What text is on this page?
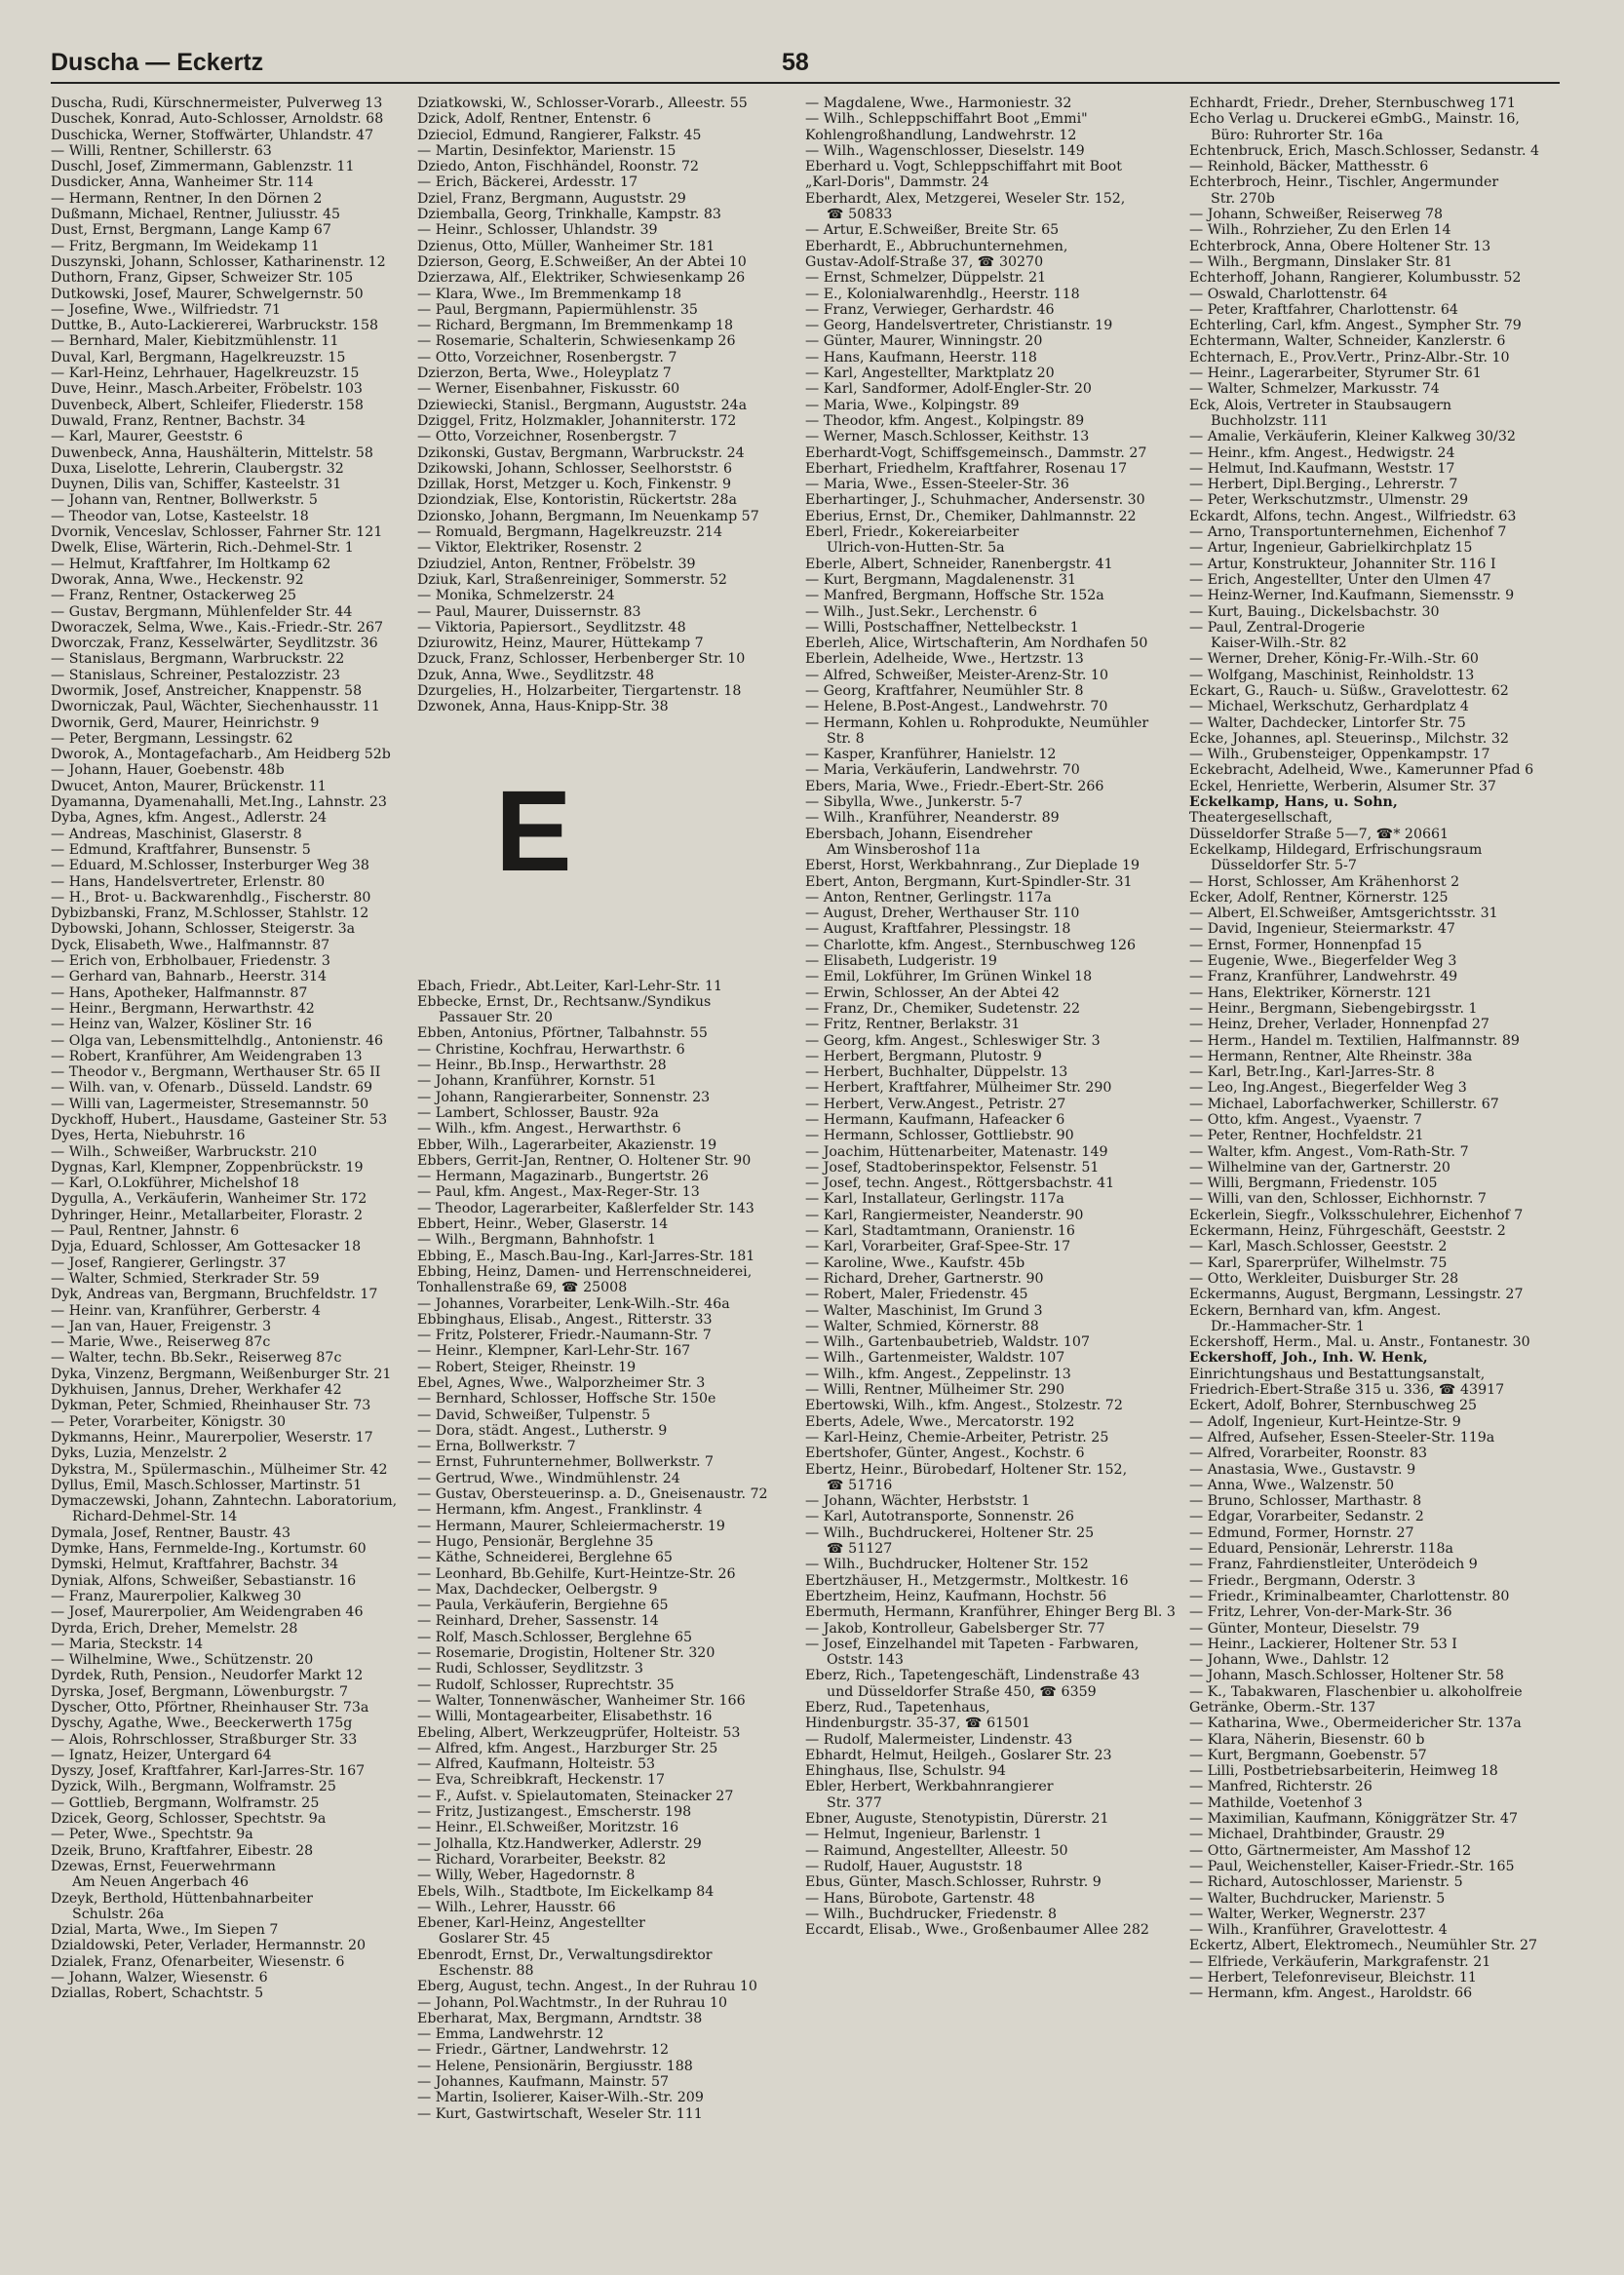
Duscha — Eckertz	58
Duscha, Rudi, Kürschnermeister, Pulverweg 13
Duschek, Konrad, Auto-Schlosser, Arnoldstr. 68
Duschicka, Werner, Stoffwärter, Uhlandstr. 47
— Willi, Rentner, Schillerstr. 63
Duschl, Josef, Zimmermann, Gablenzstr. 11
Dusdicker, Anna, Wanheimer Str. 114
— Hermann, Rentner, In den Dörnen 2
Dußmann, Michael, Rentner, Juliusstr. 45
Dust, Ernst, Bergmann, Lange Kamp 67
— Fritz, Bergmann, Im Weidekamp 11
Duszynski, Johann, Schlosser, Katharinenstr. 12
Duthorn, Franz, Gipser, Schweizer Str. 105
Dutkowski, Josef, Maurer, Schwelgernstr. 50
— Josefine, Wwe., Wilfriedstr. 71
Duttke, B., Auto-Lackiererei, Warbruckstr. 158
— Bernhard, Maler, Kiebitzmühlenstr. 11
Duval, Karl, Bergmann, Hagelkreuzstr. 15
— Karl-Heinz, Lehrhauer, Hagelkreuzstr. 15
Duve, Heinr., Masch.Arbeiter, Fröbelstr. 103
Duvenbeck, Albert, Schleifer, Fliederstr. 158
Duwald, Franz, Rentner, Bachstr. 34
— Karl, Maurer, Geeststr. 6
Duwenbeck, Anna, Haushälterin, Mittelstr. 58
Duxa, Liselotte, Lehrerin, Claubergstr. 32
Duynen, Dilis van, Schiffer, Kasteelstr. 31
— Johann van, Rentner, Bollwerkstr. 5
— Theodor van, Lotse, Kasteelstr. 18
Dvornik, Venceslav, Schlosser, Fahrner Str. 121
Dwelk, Elise, Wärterin, Rich.-Dehmel-Str. 1
— Helmut, Kraftfahrer, Im Holtkamp 62
Dworak, Anna, Wwe., Heckenstr. 92
— Franz, Rentner, Ostackerweg 25
— Gustav, Bergmann, Mühlenfelder Str. 44
Dworaczek, Selma, Wwe., Kais.-Friedr.-Str. 267
Dworczak, Franz, Kesselwärter, Seydlitzstr. 36
— Stanislaus, Bergmann, Warbruckstr. 22
— Stanislaus, Schreiner, Pestalozzistr. 23
Dwormik, Josef, Anstreicher, Knappenstr. 58
Dworniczak, Paul, Wächter, Siechenhausstr. 11
Dwornik, Gerd, Maurer, Heinrichstr. 9
— Peter, Bergmann, Lessingstr. 62
Dworok, A., Montagefacharb., Am Heidberg 52b
— Johann, Hauer, Goebenstr. 48b
Dwucet, Anton, Maurer, Brückenstr. 11
Dyamanna, Dyamenahalli, Met.Ing., Lahnstr. 23
Dyba, Agnes, kfm. Angest., Adlerstr. 24
— Andreas, Maschinist, Glaserstr. 8
— Edmund, Kraftfahrer, Bunsenstr. 5
— Eduard, M.Schlosser, Insterburger Weg 38
— Hans, Handelsvertreter, Erlenstr. 80
— H., Brot- u. Backwarenhdlg., Fischerstr. 80
Dybizbanski, Franz, M.Schlosser, Stahlstr. 12
Dybowski, Johann, Schlosser, Steigerstr. 3a
Dyck, Elisabeth, Wwe., Halfmannstr. 87
— Erich von, Erbholbauer, Friedenstr. 3
— Gerhard van, Bahnarb., Heerstr. 314
— Hans, Apotheker, Halfmannstr. 87
— Heinr., Bergmann, Herwarthstr. 42
— Heinz van, Walzer, Kösliner Str. 16
— Olga van, Lebensmittelhdlg., Antonienstr. 46
— Robert, Kranführer, Am Weidengraben 13
— Theodor v., Bergmann, Werthauser Str. 65 II
— Wilh. van, v. Ofenarb., Düsseld. Landstr. 69
— Willi van, Lagermeister, Stresemannstr. 50
Dyckhoff, Hubert., Hausdame, Gasteiner Str. 53
Dyes, Herta, Niebuhrstr. 16
— Wilh., Schweißer, Warbruckstr. 210
Dygnas, Karl, Klempner, Zoppenbrückstr. 19
— Karl, O.Lokführer, Michelshof 18
Dygulla, A., Verkäuferin, Wanheimer Str. 172
Dyhringer, Heinr., Metallarbeiter, Florastr. 2
— Paul, Rentner, Jahnstr. 6
Dyja, Eduard, Schlosser, Am Gottesacker 18
— Josef, Rangierer, Gerlingstr. 37
— Walter, Schmied, Sterkrader Str. 59
Dyk, Andreas van, Bergmann, Bruchfeldstr. 17
— Heinr. van, Kranführer, Gerberstr. 4
— Jan van, Hauer, Freigenstr. 3
— Marie, Wwe., Reiserweg 87c
— Walter, techn. Bb.Sekr., Reiserweg 87c
Dyka, Vinzenz, Bergmann, Weißenburger Str. 21
Dykhuisen, Jannus, Dreher, Werkhafer 42
Dykman, Peter, Schmied, Rheinhauser Str. 73
— Peter, Vorarbeiter, Königstr. 30
Dykmanns, Heinr., Maurerpolier, Weserstr. 17
Dyks, Luzia, Menzelstr. 2
Dykstra, M., Spülermaschin., Mülheimer Str. 42
Dyllus, Emil, Masch.Schlosser, Martinstr. 51
Dymaczewski, Johann, Zahntechn. Laboratorium,
Richard-Dehmel-Str. 14
Dymala, Josef, Rentner, Baustr. 43
Dymke, Hans, Fernmelde-Ing., Kortumstr. 60
Dymski, Helmut, Kraftfahrer, Bachstr. 34
Dyniak, Alfons, Schweißer, Sebastianstr. 16
— Franz, Maurerpolier, Kalkweg 30
— Josef, Maurerpolier, Am Weidengraben 46
Dyrda, Erich, Dreher, Memelstr. 28
— Maria, Steckstr. 14
— Wilhelmine, Wwe., Schützenstr. 20
Dyrdek, Ruth, Pension., Neudorfer Markt 12
Dyrska, Josef, Bergmann, Löwenburgstr. 7
Dyscher, Otto, Pförtner, Rheinhauser Str. 73a
Dyschy, Agathe, Wwe., Beeckerwerth 175g
— Alois, Rohrschlosser, Straßburger Str. 33
— Ignatz, Heizer, Untergard 64
Dyszy, Josef, Kraftfahrer, Karl-Jarres-Str. 167
Dyzick, Wilh., Bergmann, Wolframstr. 25
— Gottlieb, Bergmann, Wolframstr. 25
Dzicek, Georg, Schlosser, Spechtstr. 9a
— Peter, Wwe., Spechtstr. 9a
Dzeik, Bruno, Kraftfahrer, Eibestr. 28
Dzewas, Ernst, Feuerwehrmann
Am Neuen Angerbach 46
Dzeyk, Berthold, Hüttenbahnarbeiter
Schulstr. 26a
Dzial, Marta, Wwe., Im Siepen 7
Dzialdowski, Peter, Verlader, Hermannstr. 20
Dzialek, Franz, Ofenarbeiter, Wiesenstr. 6
— Johann, Walzer, Wiesenstr. 6
Dziallas, Robert, Schachtstr. 5
Dziatkowski, W., Schlosser-Vorarb., Alleestr. 55
Dzick, Adolf, Rentner, Entenstr. 6
Dzieciol, Edmund, Rangierer, Falkstr. 45
— Martin, Desinfektor, Marienstr. 15
Dziedo, Anton, Fischhändel, Roonstr. 72
— Erich, Bäckerei, Ardesstr. 17
Dziel, Franz, Bergmann, Auguststr. 29
Dziemballa, Georg, Trinkhalle, Kampstr. 83
— Heinr., Schlosser, Uhlandstr. 39
Dzienus, Otto, Müller, Wanheimer Str. 181
Dzierson, Georg, E.Schweißer, An der Abtei 10
Dzierzawa, Alf., Elektriker, Schwiesenkamp 26
— Klara, Wwe., Im Bremmenkamp 18
— Paul, Bergmann, Papiermühlenstr. 35
— Richard, Bergmann, Im Bremmenkamp 18
— Rosemarie, Schalterin, Schwiesenkamp 26
— Otto, Vorzeichner, Rosenbergstr. 7
Dzierzon, Berta, Wwe., Holeyplatz 7
— Werner, Eisenbahner, Fiskusstr. 60
Dziewiecki, Stanisl., Bergmann, Auguststr. 24a
Dziggel, Fritz, Holzmakler, Johanniterstr. 172
— Otto, Vorzeichner, Rosenbergstr. 7
Dzikonski, Gustav, Bergmann, Warbruckstr. 24
Dzikowski, Johann, Schlosser, Seelhorststr. 6
Dzillak, Horst, Metzger u. Koch, Finkenstr. 9
Dziondziak, Else, Kontoristin, Rückertstr. 28a
Dzionsko, Johann, Bergmann, Im Neuenkamp 57
— Romuald, Bergmann, Hagelkreuzstr. 214
— Viktor, Elektriker, Rosenstr. 2
Dziudziel, Anton, Rentner, Fröbelstr. 39
Dziuk, Karl, Straßenreiniger, Sommerstr. 52
— Monika, Schmelzerstr. 24
— Paul, Maurer, Duissernstr. 83
— Viktoria, Papiersort., Seydlitzstr. 48
Dziurowitz, Heinz, Maurer, Hüttekamp 7
Dzuck, Franz, Schlosser, Herbenberger Str. 10
Dzuk, Anna, Wwe., Seydlitzstr. 48
Dzurgelies, H., Holzarbeiter, Tiergartenstr. 18
Dzwonek, Anna, Haus-Knipp-Str. 38
E
Ebach, Friedr., Abt.Leiter, Karl-Lehr-Str. 11
Ebbecke, Ernst, Dr., Rechtsanw./Syndikus
Passauer Str. 20
Ebben, Antonius, Pförtner, Talbahnstr. 55
— Christine, Kochfrau, Herwarthstr. 6
— Heinr., Bb.Insp., Herwarthstr. 28
— Johann, Kranführer, Kornstr. 51
— Johann, Rangierarbeiter, Sonnenstr. 23
— Lambert, Schlosser, Baustr. 92a
— Wilh., kfm. Angest., Herwarthstr. 6
Ebber, Wilh., Lagerarbeiter, Akazienstr. 19
Ebbers, Gerrit-Jan, Rentner, O. Holtener Str. 90
— Hermann, Magazinarb., Bungertstr. 26
— Paul, kfm. Angest., Max-Reger-Str. 13
— Theodor, Lagerarbeiter, Kaßlerfelder Str. 143
Ebbert, Heinr., Weber, Glaserstr. 14
— Wilh., Bergmann, Bahnhofstr. 1
Ebbing, E., Masch.Bau-Ing., Karl-Jarres-Str. 181
Ebbing, Heinz, Damen- und Herrenschneiderei,
Tonhallenstraße 69, ☎ 25008
— Johannes, Vorarbeiter, Lenk-Wilh.-Str. 46a
Ebbinghaus, Elisab., Angest., Ritterstr. 33
— Fritz, Polsterer, Friedr.-Naumann-Str. 7
— Heinr., Klempner, Karl-Lehr-Str. 167
— Robert, Steiger, Rheinstr. 19
Ebel, Agnes, Wwe., Walporzheimer Str. 3
— Bernhard, Schlosser, Hoffsche Str. 150e
— David, Schweißer, Tulpenstr. 5
— Dora, städt. Angest., Lutherstr. 9
— Erna, Bollwerkstr. 7
— Ernst, Fuhrunternehmer, Bollwerkstr. 7
— Gertrud, Wwe., Windmühlenstr. 24
— Gustav, Obersteuerinsp. a. D., Gneisenaustr. 72
— Hermann, kfm. Angest., Franklinstr. 4
— Hermann, Maurer, Schleiermacherstr. 19
— Hugo, Pensionär, Berglehne 35
— Käthe, Schneiderei, Berglehne 65
— Leonhard, Bb.Gehilfe, Kurt-Heintze-Str. 26
— Max, Dachdecker, Oelbergstr. 9
— Paula, Verkäuferin, Bergiehne 65
— Reinhard, Dreher, Sassenstr. 14
— Rolf, Masch.Schlosser, Berglehne 65
— Rosemarie, Drogistin, Holtener Str. 320
— Rudi, Schlosser, Seydlitzstr. 3
— Rudolf, Schlosser, Ruprechtstr. 35
— Walter, Tonnenwäscher, Wanheimer Str. 166
— Willi, Montagearbeiter, Elisabethstr. 16
Ebeling, Albert, Werkzeugprüfer, Holteistr. 53
— Alfred, kfm. Angest., Harzburger Str. 25
— Alfred, Kaufmann, Holteistr. 53
— Eva, Schreibkraft, Heckenstr. 17
— F., Aufst. v. Spielautomaten, Steinacker 27
— Fritz, Justizangest., Emscherstr. 198
— Heinr., El.Schweißer, Moritzstr. 16
— Jolhalla, Ktz.Handwerker, Adlerstr. 29
— Richard, Vorarbeiter, Beekstr. 82
— Willy, Weber, Hagedornstr. 8
Ebels, Wilh., Stadtbote, Im Eickelkamp 84
— Wilh., Lehrer, Hausstr. 66
Ebener, Karl-Heinz, Angestellter
Goslarer Str. 45
Ebenrodt, Ernst, Dr., Verwaltungsdirektor
Eschenstr. 88
Eberg, August, techn. Angest., In der Ruhrau 10
— Johann, Pol.Wachtmstr., In der Ruhrau 10
Eberharat, Max, Bergmann, Arndtstr. 38
— Emma, Landwehrstr. 12
— Friedr., Gärtner, Landwehrstr. 12
— Helene, Pensionärin, Bergiusstr. 188
— Johannes, Kaufmann, Mainstr. 57
— Martin, Isolierer, Kaiser-Wilh.-Str. 209
— Kurt, Gastwirtschaft, Weseler Str. 111
— Magdalene, Wwe., Harmoniestr. 32
— Wilh., Schleppschiffahrt Boot „Emmi"
Kohlengroßhandlung, Landwehrstr. 12
— Wilh., Wagenschlosser, Dieselstr. 149
Eberhard u. Vogt, Schleppschiffahrt mit Boot
„Karl-Doris", Dammstr. 24
Eberhardt, Alex, Metzgerei, Weseler Str. 152,
☎ 50833
— Artur, E.Schweißer, Breite Str. 65
Eberhardt, E., Abbruchunternehmen,
Gustav-Adolf-Straße 37, ☎ 30270
— Ernst, Schmelzer, Düppelstr. 21
— E., Kolonialwarenhdlg., Heerstr. 118
— Franz, Verwieger, Gerhardstr. 46
— Georg, Handelsvertreter, Christianstr. 19
— Günter, Maurer, Winningstr. 20
— Hans, Kaufmann, Heerstr. 118
— Karl, Angestellter, Marktplatz 20
— Karl, Sandformer, Adolf-Engler-Str. 20
— Maria, Wwe., Kolpingstr. 89
— Theodor, kfm. Angest., Kolpingstr. 89
— Werner, Masch.Schlosser, Keithstr. 13
Eberhardt-Vogt, Schiffsgemeinsch., Dammstr. 27
Eberhart, Friedhelm, Kraftfahrer, Rosenau 17
— Maria, Wwe., Essen-Steeler-Str. 36
Eberhartinger, J., Schuhmacher, Andersenstr. 30
Eberius, Ernst, Dr., Chemiker, Dahlmannstr. 22
Eberl, Friedr., Kokereiarbeiter
Ulrich-von-Hutten-Str. 5a
Eberle, Albert, Schneider, Ranenbergstr. 41
— Kurt, Bergmann, Magdalenenstr. 31
— Manfred, Bergmann, Hoffsche Str. 152a
— Wilh., Just.Sekr., Lerchenstr. 6
— Willi, Postschaffner, Nettelbeckstr. 1
Eberleh, Alice, Wirtschafterin, Am Nordhafen 50
Eberlein, Adelheide, Wwe., Hertzstr. 13
— Alfred, Schweißer, Meister-Arenz-Str. 10
— Georg, Kraftfahrer, Neumühler Str. 8
— Helene, B.Post-Angest., Landwehrstr. 70
— Hermann, Kohlen u. Rohprodukte, Neumühler
Str. 8
— Kasper, Kranführer, Hanielstr. 12
— Maria, Verkäuferin, Landwehrstr. 70
Ebers, Maria, Wwe., Friedr.-Ebert-Str. 266
— Sibylla, Wwe., Junkerstr. 5-7
— Wilh., Kranführer, Neanderstr. 89
Ebersbach, Johann, Eisendreher
Am Winsberoshof 11a
Eberst, Horst, Werkbahnrang., Zur Dieplade 19
Ebert, Anton, Bergmann, Kurt-Spindler-Str. 31
— Anton, Rentner, Gerlingstr. 117a
— August, Dreher, Werthauser Str. 110
— August, Kraftfahrer, Plessingstr. 18
— Charlotte, kfm. Angest., Sternbuschweg 126
— Elisabeth, Ludgeristr. 19
— Emil, Lokführer, Im Grünen Winkel 18
— Erwin, Schlosser, An der Abtei 42
— Franz, Dr., Chemiker, Sudetenstr. 22
— Fritz, Rentner, Berlakstr. 31
— Georg, kfm. Angest., Schleswiger Str. 3
— Herbert, Bergmann, Plutostr. 9
— Herbert, Buchhalter, Düppelstr. 13
— Herbert, Kraftfahrer, Mülheimer Str. 290
— Herbert, Verw.Angest., Petristr. 27
— Hermann, Kaufmann, Hafeacker 6
— Hermann, Schlosser, Gottliebstr. 90
— Joachim, Hüttenarbeiter, Matenastr. 149
— Josef, Stadtoberinspektor, Felsenstr. 51
— Josef, techn. Angest., Röttgersbachstr. 41
— Karl, Installateur, Gerlingstr. 117a
— Karl, Rangiermeister, Neanderstr. 90
— Karl, Stadtamtmann, Oranienstr. 16
— Karl, Vorarbeiter, Graf-Spee-Str. 17
— Karoline, Wwe., Kaufstr. 45b
— Richard, Dreher, Gartnerstr. 90
— Robert, Maler, Friedenstr. 45
— Walter, Maschinist, Im Grund 3
— Walter, Schmied, Körnerstr. 88
— Wilh., Gartenbaubetrieb, Waldstr. 107
— Wilh., Gartenmeister, Waldstr. 107
— Wilh., kfm. Angest., Zeppelinstr. 13
— Willi, Rentner, Mülheimer Str. 290
Ebertowski, Wilh., kfm. Angest., Stolzestr. 72
Eberts, Adele, Wwe., Mercatorstr. 192
— Karl-Heinz, Chemie-Arbeiter, Petristr. 25
Ebertshofer, Günter, Angest., Kochstr. 6
Ebertz, Heinr., Bürobedarf, Holtener Str. 152,
☎ 51716
— Johann, Wächter, Herbststr. 1
— Karl, Autotransporte, Sonnenstr. 26
— Wilh., Buchdruckerei, Holtener Str. 25
☎ 51127
— Wilh., Buchdrucker, Holtener Str. 152
Ebertzhäuser, H., Metzgermstr., Moltkestr. 16
Ebertzheim, Heinz, Kaufmann, Hochstr. 56
Ebermuth, Hermann, Kranführer, Ehinger Berg Bl. 3
— Jakob, Kontrolleur, Gabelsberger Str. 77
— Josef, Einzelhandel mit Tapeten - Farbwaren,
Oststr. 143
Eberz, Rich., Tapetengeschäft, Lindenstraße 43
und Düsseldorfer Straße 450, ☎ 6359
Eberz, Rud., Tapetenhaus,
Hindenburgstr. 35-37, ☎ 61501
— Rudolf, Malermeister, Lindenstr. 43
Ebhardt, Helmut, Heilgeh., Goslarer Str. 23
Ehinghaus, Ilse, Schulstr. 94
Ebler, Herbert, Werkbahnrangierer
Str. 377
Ebner, Auguste, Stenotypistin, Dürerstr. 21
— Helmut, Ingenieur, Barlenstr. 1
— Raimund, Angestellter, Alleestr. 50
— Rudolf, Hauer, Auguststr. 18
Ebus, Günter, Masch.Schlosser, Ruhrstr. 9
— Hans, Bürobote, Gartenstr. 48
— Wilh., Buchdrucker, Friedenstr. 8
Eccardt, Elisab., Wwe., Großenbaumer Allee 282
Echhardt, Friedr., Dreher, Sternbuschweg 171
Echo Verlag u. Druckerei eGmbG., Mainstr. 16,
Büro: Ruhrorter Str. 16a
Echtenbruck, Erich, Masch.Schlosser, Sedanstr. 4
— Reinhold, Bäcker, Matthesstr. 6
Echterbroch, Heinr., Tischler, Angermunder
Str. 270b
— Johann, Schweißer, Reiserweg 78
— Wilh., Rohrzieher, Zu den Erlen 14
Echterbrock, Anna, Obere Holtener Str. 13
— Wilh., Bergmann, Dinslaker Str. 81
Echterhoff, Johann, Rangierer, Kolumbusstr. 52
— Oswald, Charlottenstr. 64
— Peter, Kraftfahrer, Charlottenstr. 64
Echterling, Carl, kfm. Angest., Sympher Str. 79
Echtermann, Walter, Schneider, Kanzlerstr. 6
Echternach, E., Prov.Vertr., Prinz-Albr.-Str. 10
— Heinr., Lagerarbeiter, Styrumer Str. 61
— Walter, Schmelzer, Markusstr. 74
Eck, Alois, Vertreter in Staubsaugern
Buchholzstr. 111
— Amalie, Verkäuferin, Kleiner Kalkweg 30/32
— Heinr., kfm. Angest., Hedwigstr. 24
— Helmut, Ind.Kaufmann, Weststr. 17
— Herbert, Dipl.Berging., Lehrerstr. 7
— Peter, Werkschutzmstr., Ulmenstr. 29
Eckardt, Alfons, techn. Angest., Wilfriedstr. 63
— Arno, Transportunternehmen, Eichenhof 7
— Artur, Ingenieur, Gabrielkirchplatz 15
— Artur, Konstrukteur, Johanniter Str. 116 I
— Erich, Angestellter, Unter den Ulmen 47
— Heinz-Werner, Ind.Kaufmann, Siemensstr. 9
— Kurt, Bauing., Dickelsbachstr. 30
— Paul, Zentral-Drogerie
Kaiser-Wilh.-Str. 82
— Werner, Dreher, König-Fr.-Wilh.-Str. 60
— Wolfgang, Maschinist, Reinholdstr. 13
Eckart, G., Rauch- u. Süßw., Gravelottestr. 62
— Michael, Werkschutz, Gerhardplatz 4
— Walter, Dachdecker, Lintorfer Str. 75
Ecke, Johannes, apl. Steuerinsp., Milchstr. 32
— Wilh., Grubensteiger, Oppenkampstr. 17
Eckebracht, Adelheid, Wwe., Kamerunner Pfad 6
Eckel, Henriette, Werberin, Alsumer Str. 37
Eckelkamp, Hans, u. Sohn,
Theatergesellschaft,
Düsseldorfer Straße 5—7, ☎* 20661
Eckelkamp, Hildegard, Erfrischungsraum
Düsseldorfer Str. 5-7
— Horst, Schlosser, Am Krähenhorst 2
Ecker, Adolf, Rentner, Körnerstr. 125
— Albert, El.Schweißer, Amtsgerichtsstr. 31
— David, Ingenieur, Steiermarkstr. 47
— Ernst, Former, Honnenpfad 15
— Eugenie, Wwe., Biegerfelder Weg 3
— Franz, Kranführer, Landwehrstr. 49
— Hans, Elektriker, Körnerstr. 121
— Heinr., Bergmann, Siebengebirgsstr. 1
— Heinz, Dreher, Verlader, Honnenpfad 27
— Herm., Handel m. Textilien, Halfmannstr. 89
— Hermann, Rentner, Alte Rheinstr. 38a
— Karl, Betr.Ing., Karl-Jarres-Str. 8
— Leo, Ing.Angest., Biegerfelder Weg 3
— Michael, Laborfachwerker, Schillerstr. 67
— Otto, kfm. Angest., Vyaenstr. 7
— Peter, Rentner, Hochfeldstr. 21
— Walter, kfm. Angest., Vom-Rath-Str. 7
— Wilhelmine van der, Gartnerstr. 20
— Willi, Bergmann, Friedenstr. 105
— Willi, van den, Schlosser, Eichhornstr. 7
Eckerlein, Siegfr., Volksschulehrer, Eichenhof 7
Eckermann, Heinz, Führgeschäft, Geeststr. 2
— Karl, Masch.Schlosser, Geeststr. 2
— Karl, Sparerprüfer, Wilhelmstr. 75
— Otto, Werkleiter, Duisburger Str. 28
Eckermanns, August, Bergmann, Lessingstr. 27
Eckern, Bernhard van, kfm. Angest.
Dr.-Hammacher-Str. 1
Eckershoff, Herm., Mal. u. Anstr., Fontanestr. 30
Eckershoff, Joh., Inh. W. Henk,
Einrichtungshaus und Bestattungsanstalt,
Friedrich-Ebert-Straße 315 u. 336, ☎ 43917
Eckert, Adolf, Bohrer, Sternbuschweg 25
— Adolf, Ingenieur, Kurt-Heintze-Str. 9
— Alfred, Aufseher, Essen-Steeler-Str. 119a
— Alfred, Vorarbeiter, Roonstr. 83
— Anastasia, Wwe., Gustavstr. 9
— Anna, Wwe., Walzenstr. 50
— Bruno, Schlosser, Marthastr. 8
— Edgar, Vorarbeiter, Sedanstr. 2
— Edmund, Former, Hornstr. 27
— Eduard, Pensionär, Lehrerstr. 118a
— Franz, Fahrdienstleiter, Unterödeich 9
— Friedr., Bergmann, Oderstr. 3
— Friedr., Kriminalbeamter, Charlottenstr. 80
— Fritz, Lehrer, Von-der-Mark-Str. 36
— Günter, Monteur, Dieselstr. 79
— Heinr., Lackierer, Holtener Str. 53 I
— Johann, Wwe., Dahlstr. 12
— Johann, Masch.Schlosser, Holtener Str. 58
— K., Tabakwaren, Flaschenbier u. alkoholfreie
Getränke, Oberm.-Str. 137
— Katharina, Wwe., Obermeidericher Str. 137a
— Klara, Näherin, Biesenstr. 60 b
— Kurt, Bergmann, Goebenstr. 57
— Lilli, Postbetriebsarbeiterin, Heimweg 18
— Manfred, Richterstr. 26
— Mathilde, Voetenhof 3
— Maximilian, Kaufmann, Königgrätzer Str. 47
— Michael, Drahtbinder, Graustr. 29
— Otto, Gärtnermeister, Am Masshof 12
— Paul, Weichensteller, Kaiser-Friedr.-Str. 165
— Richard, Autoschlosser, Marienstr. 5
— Walter, Buchdrucker, Marienstr. 5
— Walter, Werker, Wegnerstr. 237
— Wilh., Kranführer, Gravelottestr. 4
Eckertz, Albert, Elektromech., Neumühler Str. 27
— Elfriede, Verkäuferin, Markgrafenstr. 21
— Herbert, Telefonreviseur, Bleichstr. 11
— Hermann, kfm. Angest., Haroldstr. 66
